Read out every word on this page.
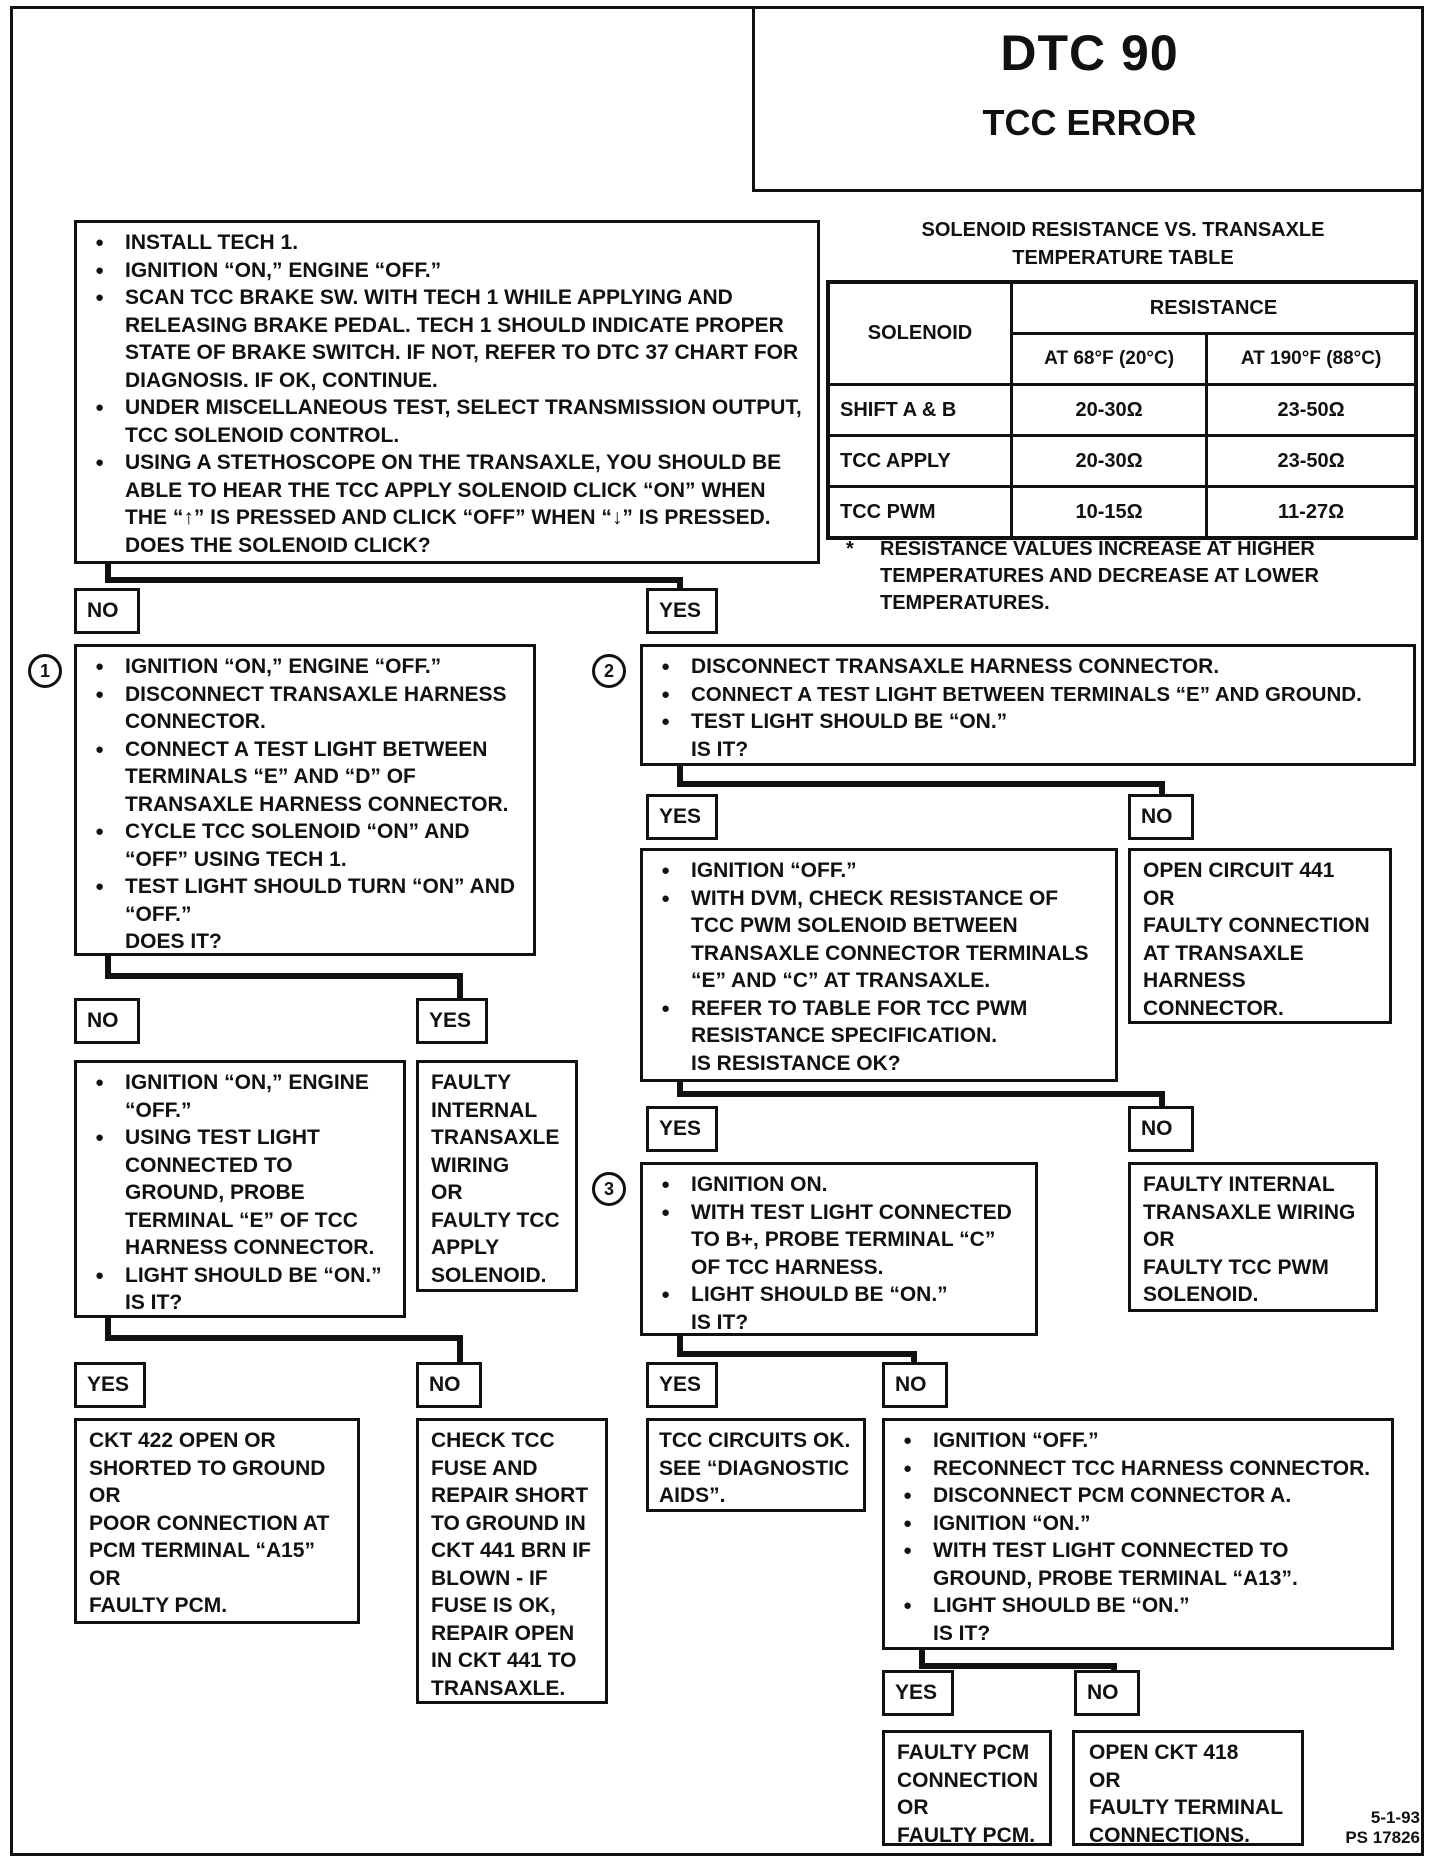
DTC 90
TCC ERROR
● INSTALL TECH 1.
● IGNITION “ON,” ENGINE “OFF.”
● SCAN TCC BRAKE SW. WITH TECH 1 WHILE APPLYING AND RELEASING BRAKE PEDAL. TECH 1 SHOULD INDICATE PROPER STATE OF BRAKE SWITCH. IF NOT, REFER TO DTC 37 CHART FOR DIAGNOSIS. IF OK, CONTINUE.
● UNDER MISCELLANEOUS TEST, SELECT TRANSMISSION OUTPUT, TCC SOLENOID CONTROL.
● USING A STETHOSCOPE ON THE TRANSAXLE, YOU SHOULD BE ABLE TO HEAR THE TCC APPLY SOLENOID CLICK “ON” WHEN THE “↑” IS PRESSED AND CLICK “OFF” WHEN “↓” IS PRESSED.
DOES THE SOLENOID CLICK?
SOLENOID RESISTANCE VS. TRANSAXLE
TEMPERATURE TABLE
SOLENOID	RESISTANCE	
	AT 68°F (20°C)	AT 190°F (88°C)
SHIFT A & B	20-30Ω	23-50Ω
TCC APPLY	20-30Ω	23-50Ω
TCC PWM	10-15Ω	11-27Ω
* RESISTANCE VALUES INCREASE AT HIGHER TEMPERATURES AND DECREASE AT LOWER TEMPERATURES.
NO	YES
1	2
3
● IGNITION “ON,” ENGINE “OFF.”
● DISCONNECT TRANSAXLE HARNESS CONNECTOR.
● CONNECT A TEST LIGHT BETWEEN TERMINALS “E” AND “D” OF TRANSAXLE HARNESS CONNECTOR.
● CYCLE TCC SOLENOID “ON” AND “OFF” USING TECH 1.
● TEST LIGHT SHOULD TURN “ON” AND “OFF.”
DOES IT?
● DISCONNECT TRANSAXLE HARNESS CONNECTOR.
● CONNECT A TEST LIGHT BETWEEN TERMINALS “E” AND GROUND.
● TEST LIGHT SHOULD BE “ON.”
IS IT?
YES	NO
NO	YES
● IGNITION “ON,” ENGINE “OFF.”
● USING TEST LIGHT CONNECTED TO GROUND, PROBE TERMINAL “E” OF TCC HARNESS CONNECTOR.
● LIGHT SHOULD BE “ON.”
IS IT?
FAULTY
INTERNAL
TRANSAXLE
WIRING
OR
FAULTY TCC
APPLY
SOLENOID.
● IGNITION “OFF.”
● WITH DVM, CHECK RESISTANCE OF TCC PWM SOLENOID BETWEEN TRANSAXLE CONNECTOR TERMINALS “E” AND “C” AT TRANSAXLE.
● REFER TO TABLE FOR TCC PWM RESISTANCE SPECIFICATION.
IS RESISTANCE OK?
OPEN CIRCUIT 441
OR
FAULTY CONNECTION
AT TRANSAXLE
HARNESS
CONNECTOR.
YES	NO
● IGNITION ON.
● WITH TEST LIGHT CONNECTED TO B+, PROBE TERMINAL “C” OF TCC HARNESS.
● LIGHT SHOULD BE “ON.”
IS IT?
FAULTY INTERNAL
TRANSAXLE WIRING
OR
FAULTY TCC PWM
SOLENOID.
YES	NO	YES	NO
CKT 422 OPEN OR
SHORTED TO GROUND
OR
POOR CONNECTION AT
PCM TERMINAL “A15”
OR
FAULTY PCM.
CHECK TCC
FUSE AND
REPAIR SHORT
TO GROUND IN
CKT 441 BRN IF
BLOWN - IF
FUSE IS OK,
REPAIR OPEN
IN CKT 441 TO
TRANSAXLE.
TCC CIRCUITS OK.
SEE “DIAGNOSTIC
AIDS”.
● IGNITION “OFF.”
● RECONNECT TCC HARNESS CONNECTOR.
● DISCONNECT PCM CONNECTOR A.
● IGNITION “ON.”
● WITH TEST LIGHT CONNECTED TO GROUND, PROBE TERMINAL “A13”.
● LIGHT SHOULD BE “ON.”
IS IT?
YES	NO
FAULTY PCM
CONNECTION
OR
FAULTY PCM.
OPEN CKT 418
OR
FAULTY TERMINAL
CONNECTIONS.
5-1-93
PS 17826
